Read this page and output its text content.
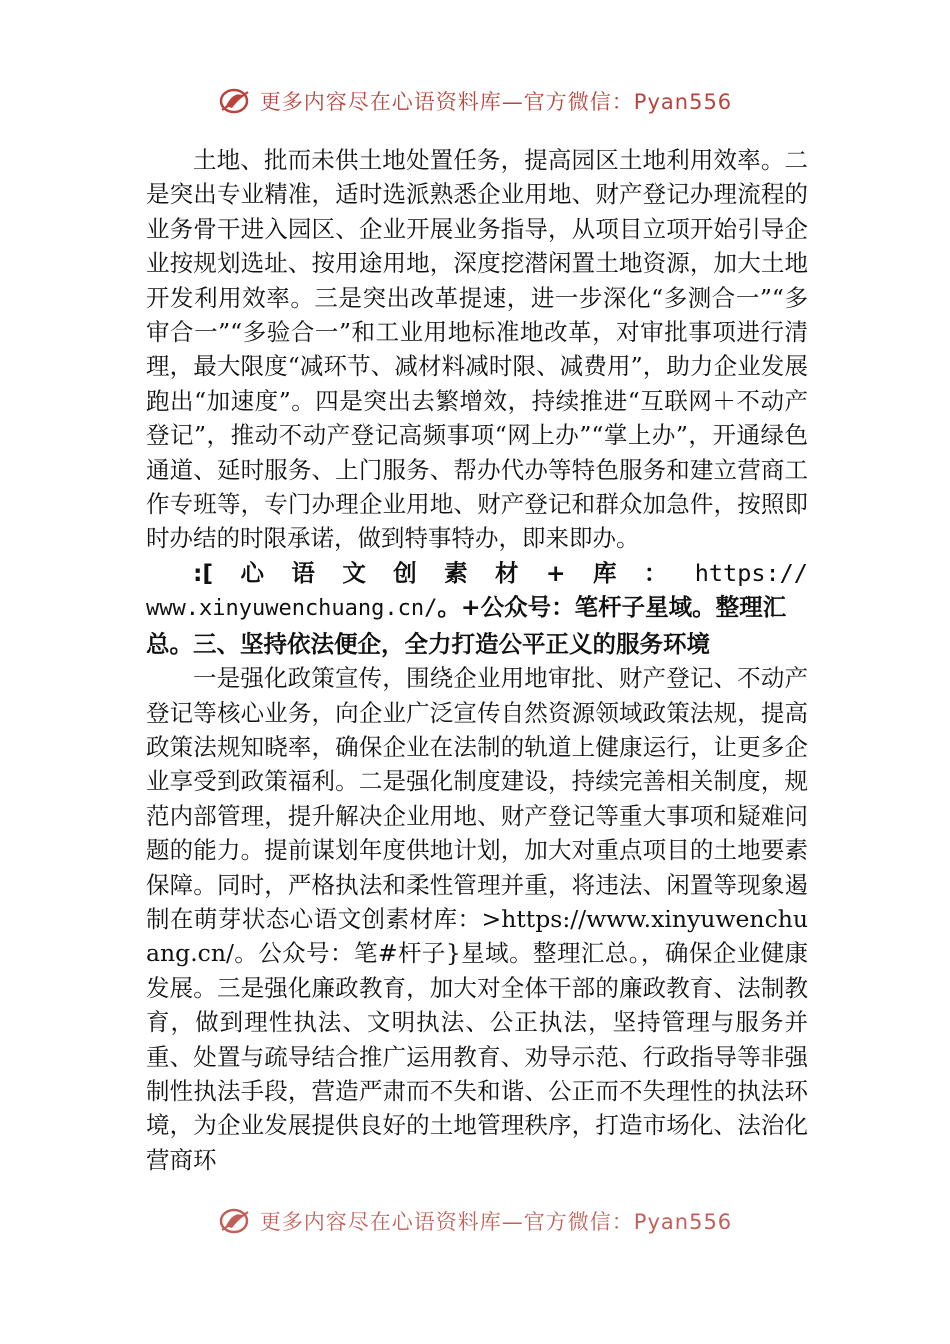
更多内容尽在心语资料库—官方微信：Pyan556

土地、批而未供土地处置任务，提高园区土地利用效率。二是突出专业精准，适时选派熟悉企业用地、财产登记办理流程的业务骨干进入园区、企业开展业务指导，从项目立项开始引导企业按规划选址、按用途用地，深度挖潜闲置土地资源，加大土地开发利用效率。三是突出改革提速，进一步深化“多测合一”“多审合一”“多验合一”和工业用地标准地改革，对审批事项进行清理，最大限度“减环节、减材料减时限、减费用”，助力企业发展跑出“加速度”。四是突出去繁增效，持续推进“互联网＋不动产登记”，推动不动产登记高频事项“网上办”“掌上办”，开通绿色通道、延时服务、上门服务、帮办代办等特色服务和建立营商工作专班等，专门办理企业用地、财产登记和群众加急件，按照即时办结的时限承诺，做到特事特办，即来即办。

:[ 心 语 文 创 素 材 + 库 ： https://

www.xinyuwenchuang.cn/。+公众号：笔杆子星域。整理汇
总。三、坚持依法便企，全力打造公平正义的服务环境

一是强化政策宣传，围绕企业用地审批、财产登记、不动产登记等核心业务，向企业广泛宣传自然资源领域政策法规，提高政策法规知晓率，确保企业在法制的轨道上健康运行，让更多企业享受到政策福利。二是强化制度建设，持续完善相关制度，规范内部管理，提升解决企业用地、财产登记等重大事项和疑难问题的能力。提前谋划年度供地计划，加大对重点项目的土地要素保障。同时，严格执法和柔性管理并重，将违法、闲置等现象遏制在萌芽状态心语文创素材库：>https://www.xinyuwenchuang.cn/。公众号：笔#杆子}星域。整理汇总。，确保企业健康发展。三是强化廉政教育，加大对全体干部的廉政教育、法制教育，做到理性执法、文明执法、公正执法，坚持管理与服务并重、处置与疏导结合推广运用教育、劝导示范、行政指导等非强制性执法手段，营造严肃而不失和谐、公正而不失理性的执法环境，为企业发展提供良好的土地管理秩序，打造市场化、法治化营商环

更多内容尽在心语资料库—官方微信：Pyan556
